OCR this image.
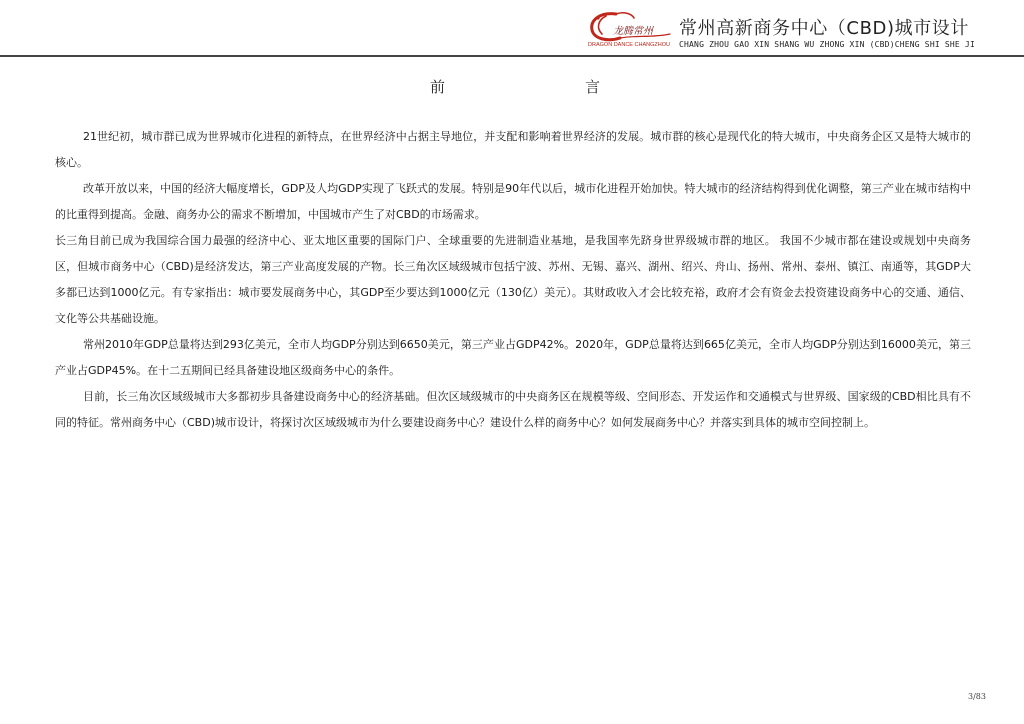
龙腾常州
DRAGON DANCE CHANGZHOU
常州高新商务中心（CBD)城市设计
CHANG ZHOU GAO XIN SHANG WU ZHONG XIN (CBD)CHENG SHI SHE JI
前	言

21世纪初，城市群已成为世界城市化进程的新特点，在世界经济中占据主导地位，并支配和影响着世界经济的发展。城市群的核心是现代化的特大城市，中央商务企区又是特大城市的核心。

改革开放以来，中国的经济大幅度增长，GDP及人均GDP实现了飞跃式的发展。特别是90年代以后，城市化进程开始加快。特大城市的经济结构得到优化调整，第三产业在城市结构中的比重得到提高。金融、商务办公的需求不断增加，中国城市产生了对CBD的市场需求。

长三角目前已成为我国综合国力最强的经济中心、亚太地区重要的国际门户、全球重要的先进制造业基地，是我国率先跻身世界级城市群的地区。 我国不少城市都在建设或规划中央商务区，但城市商务中心（CBD)是经济发达，第三产业高度发展的产物。长三角次区域级城市包括宁波、苏州、无锡、嘉兴、湖州、绍兴、舟山、扬州、常州、泰州、镇江、南通等，其GDP大多都已达到1000亿元。有专家指出：城市要发展商务中心，其GDP至少要达到1000亿元（130亿）美元）。其财政收入才会比较充裕，政府才会有资金去投资建设商务中心的交通、通信、文化等公共基础设施。

常州2010年GDP总量将达到293亿美元，全市人均GDP分别达到6650美元，第三产业占GDP42%。2020年，GDP总量将达到665亿美元，全市人均GDP分别达到16000美元，第三产业占GDP45%。在十二五期间已经具备建设地区级商务中心的条件。

目前，长三角次区域级城市大多都初步具备建设商务中心的经济基础。但次区域级城市的中央商务区在规模等级、空间形态、开发运作和交通模式与世界级、国家级的CBD相比具有不同的特征。常州商务中心（CBD)城市设计，将探讨次区域级城市为什么要建设商务中心？建设什么样的商务中心？如何发展商务中心？并落实到具体的城市空间控制上。

3/83
